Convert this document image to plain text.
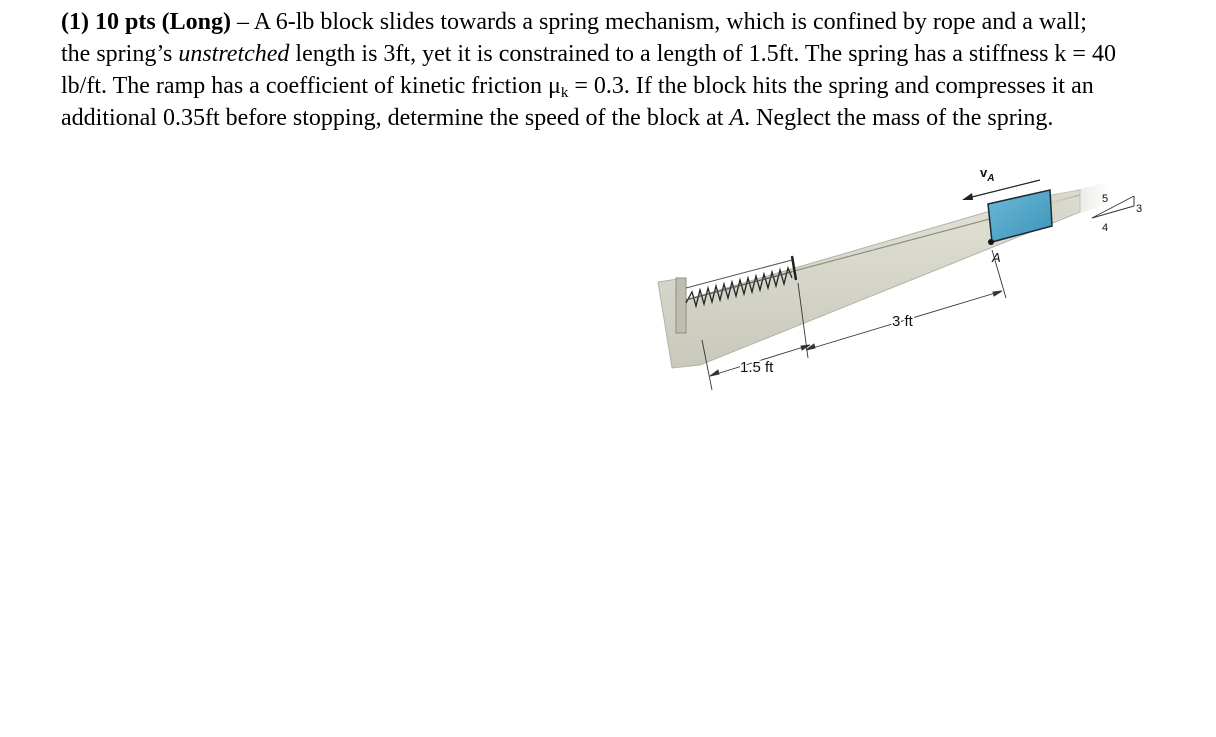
(1) 10 pts (Long) – A 6-lb block slides towards a spring mechanism, which is confined by rope and a wall;
the spring’s unstretched length is 3ft, yet it is constrained to a length of 1.5ft. The spring has a stiffness k = 40
lb/ft. The ramp has a coefficient of kinetic friction $\mu_k = 0.3$. If the block hits the spring and compresses it an
additional 0.35ft before stopping, determine the speed of the block at A. Neglect the mass of the spring.

A
$v_A$
5
3
4
3 ft
1.5 ft
